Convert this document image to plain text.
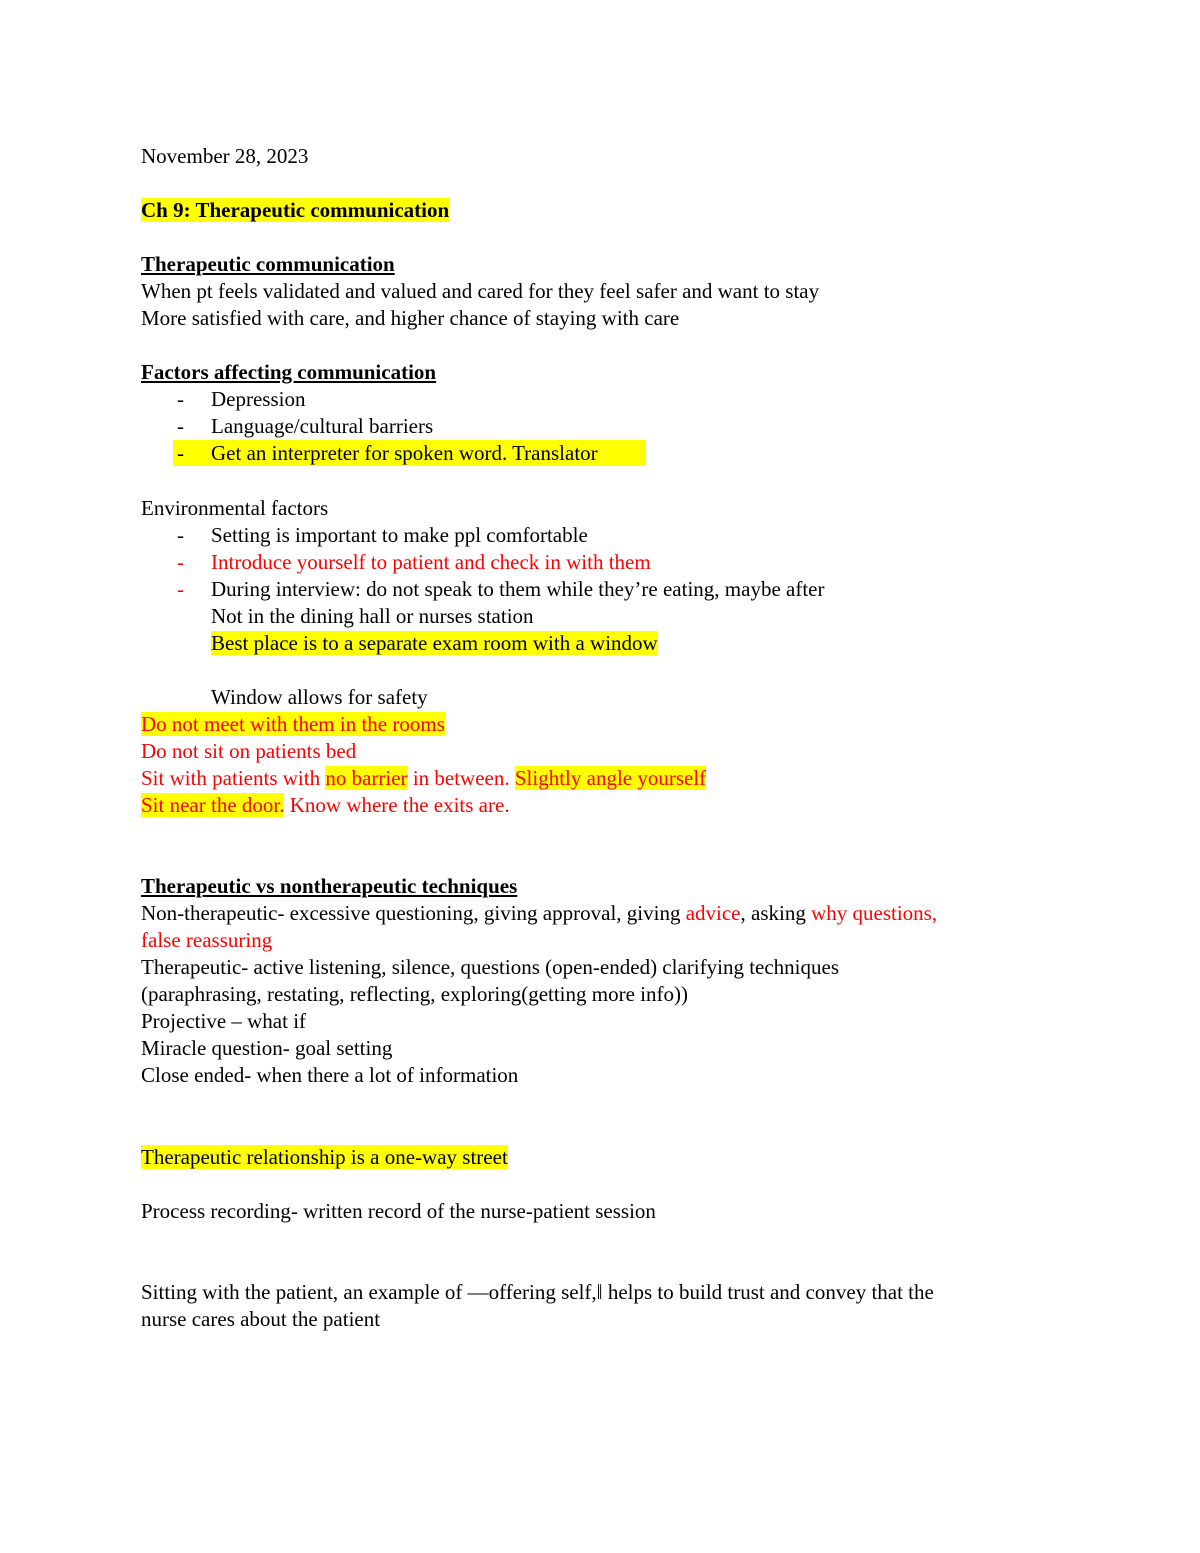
November 28, 2023
Ch 9: Therapeutic communication
Therapeutic communication
When pt feels validated and valued and cared for they feel safer and want to stay
More satisfied with care, and higher chance of staying with care
Factors affecting communication
- Depression
- Language/cultural barriers
- Get an interpreter for spoken word. Translator
Environmental factors
- Setting is important to make ppl comfortable
- Introduce yourself to patient and check in with them
- During interview: do not speak to them while they’re eating, maybe after
Not in the dining hall or nurses station
Best place is to a separate exam room with a window
Window allows for safety
Do not meet with them in the rooms
Do not sit on patients bed
Sit with patients with no barrier in between. Slightly angle yourself
Sit near the door. Know where the exits are.
Therapeutic vs nontherapeutic techniques
Non-therapeutic- excessive questioning, giving approval, giving advice, asking why questions,
false reassuring
Therapeutic- active listening, silence, questions (open-ended) clarifying techniques
(paraphrasing, restating, reflecting, exploring(getting more info))
Projective – what if
Miracle question- goal setting
Close ended- when there a lot of information
Therapeutic relationship is a one-way street
Process recording- written record of the nurse-patient session
Sitting with the patient, an example of ―offering self,‖ helps to build trust and convey that the
nurse cares about the patient
